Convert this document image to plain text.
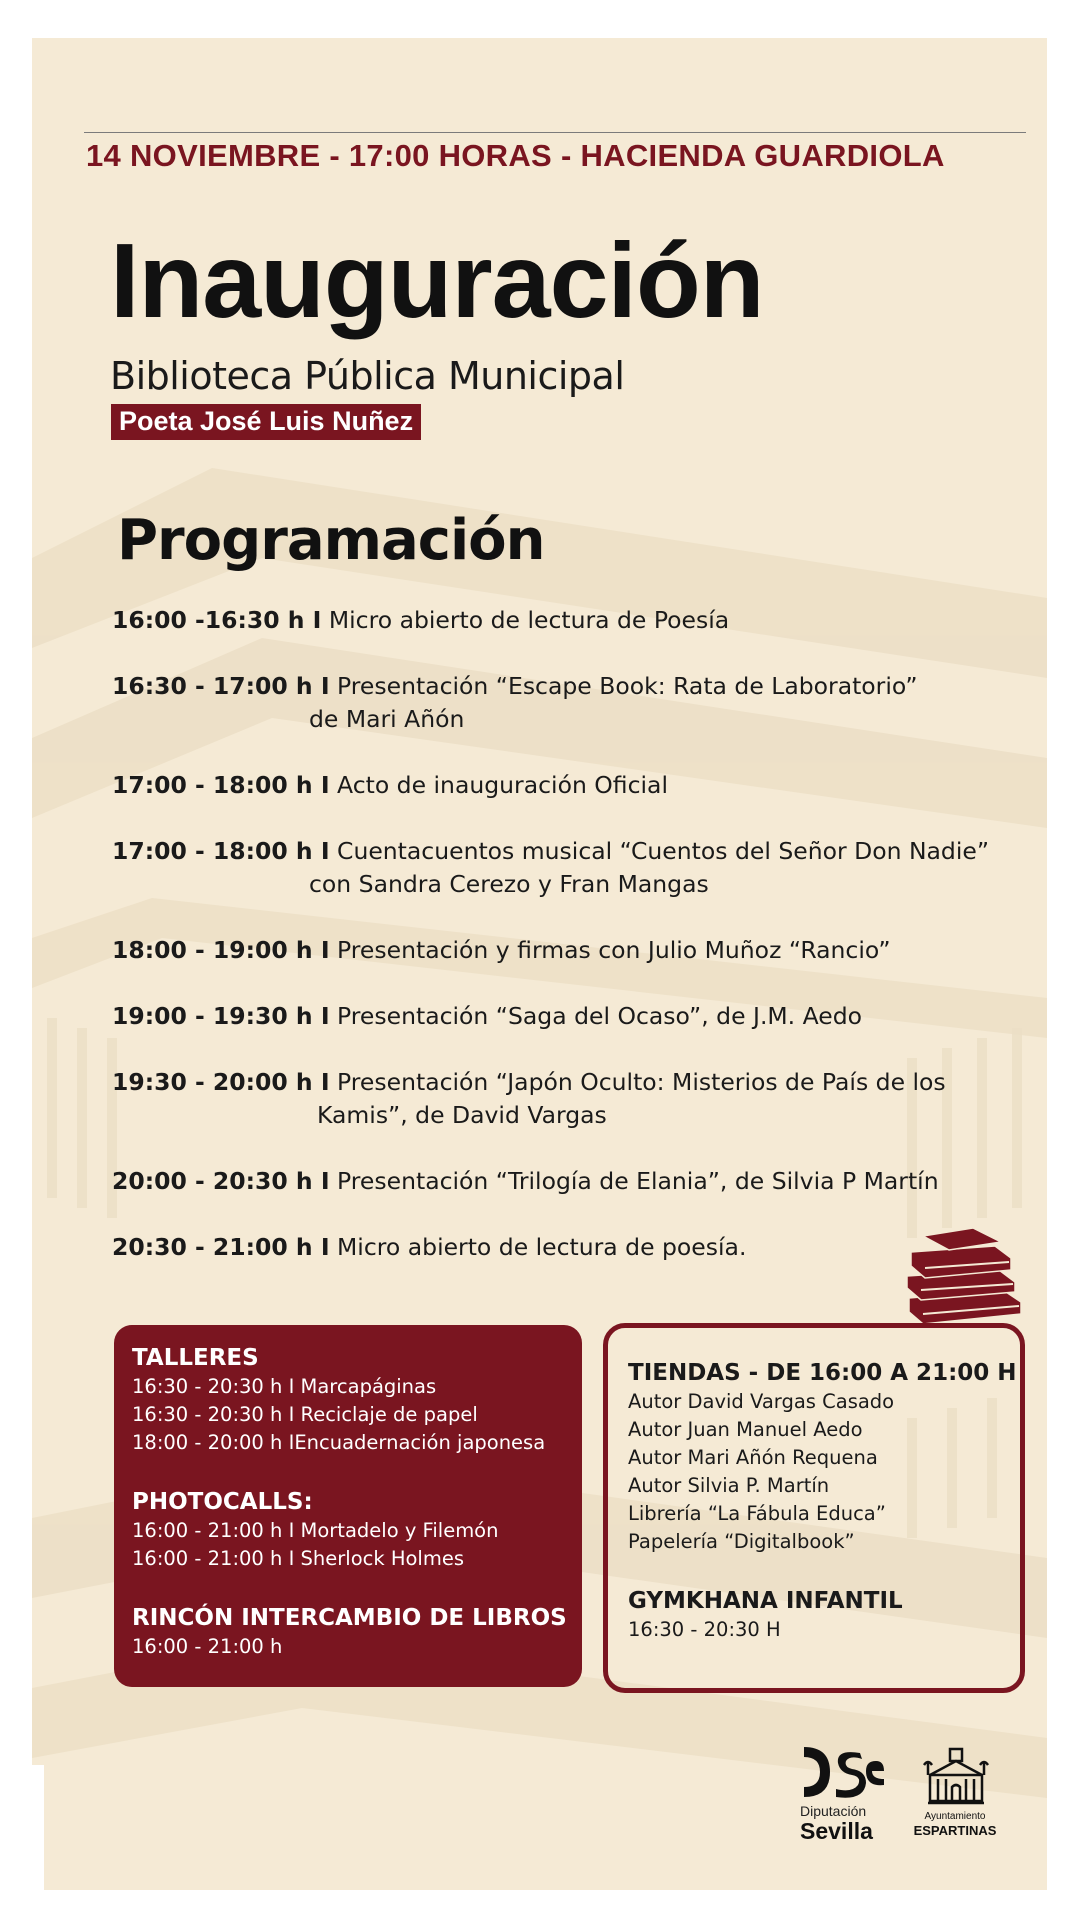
14 NOVIEMBRE - 17:00 HORAS - HACIENDA GUARDIOLA
Inauguración
Biblioteca Pública Municipal
Poeta José Luis Nuñez
Programación
16:00 -16:30 h I Micro abierto de lectura de Poesía
16:30 - 17:00 h I Presentación “Escape Book: Rata de Laboratorio”
de Mari Añón
17:00 - 18:00 h I Acto de inauguración Oficial
17:00 - 18:00 h I Cuentacuentos musical “Cuentos del Señor Don Nadie”
con Sandra Cerezo y Fran Mangas
18:00 - 19:00 h I Presentación y firmas con Julio Muñoz “Rancio”
19:00 - 19:30 h I Presentación “Saga del Ocaso”, de J.M. Aedo
19:30 - 20:00 h I Presentación “Japón Oculto: Misterios de País de los
Kamis”, de David Vargas
20:00 - 20:30 h I Presentación “Trilogía de Elania”, de Silvia P Martín
20:30 - 21:00 h I Micro abierto de lectura de poesía.
TALLERES
16:30 - 20:30 h I Marcapáginas
16:30 - 20:30 h I Reciclaje de papel
18:00 - 20:00 h IEncuadernación japonesa
PHOTOCALLS:
16:00 - 21:00 h I Mortadelo y Filemón
16:00 - 21:00 h I Sherlock Holmes
RINCÓN INTERCAMBIO DE LIBROS
16:00 - 21:00 h
TIENDAS - DE 16:00 A 21:00 H
Autor David Vargas Casado
Autor Juan Manuel Aedo
Autor Mari Añón Requena
Autor Silvia P. Martín
Librería “La Fábula Educa”
Papelería “Digitalbook”
GYMKHANA INFANTIL
16:30 - 20:30 H
Diputación
Sevilla
Ayuntamiento
ESPARTINAS
